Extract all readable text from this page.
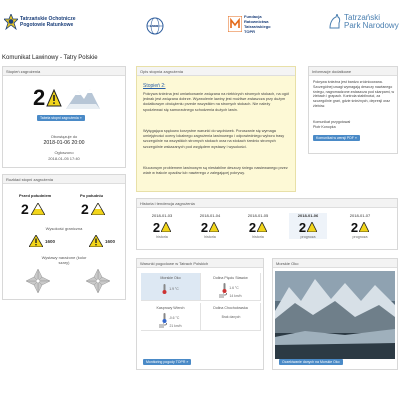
Tatrzańskie Ochotnicze
Pogotowie Ratunkowe	LAWIS
Fundacja
Ratownictwa
Tatrzańskiego
TOPR
Tatrzański
Park Narodowy
Komunikat Lawinowy - Tatry Polskie
Stopień zagrożenia
2
Tabela stopni zagrożenia »
Obowiązuje do
2018-01-06 20:00
Ogłoszono
2018-01-05 17:40
Rozkład stopni zagrożenia
Przed południem	Po południu
2	2
Wysokość graniczna
1600	1600
Wystawy narażone (kolor szary)
Opis stopnia zagrożenia
Stopień 2:
Pokrywa śnieżna jest umiarkowanie związana na niektórych stromych stokach, na ogół jednak jest związana dobrze. Wyzwolenie lawiny jest możliwe zwłaszcza przy dużym dodatkowym obciążeniu przede wszystkim na stromych stokach. Nie należy spodziewać się samorzutnego schodzenia dużych lawin.
Wytęgająca spękowo korzystne warunki do wędrówek. Poruszanie się wymaga umiejętności oceny lokalnego zagrożenia lawinowego i odpowiedniego wyboru trasy szczególnie na wszystkich stromych stokach oraz na stokach średnio stromych szczególnie wskazanych pod względem wystawy i wysokości.
Kluczowym problemem lawinowym są niestabilne deszczy śniegu nawiewanego przez wiatr w trakcie opadów lub nawierego z zalegającej pokrywy.
Informacje dodatkowe
Pokrywa śnieżna jest bardzo zróżnicowana. Szczególnej uwagi wymagają deszczy nawianego śniegu, nagromadzone zwłaszcza pod skarpami, w żlebach i grapach. Kontrola stabilności, za szczególnie grań, gdzie śnieżnych, depresji oraz źlebów.
Komunikat przygotował
Piotr Konopka
Komunikat w wersji PDF »
Historia i tendencja zagrożenia
2018-01-03
2
historia
2018-01-04
2
historia
2018-01-05
2
historia
2018-01-06
2
prognoza
2018-01-07
2
prognoza
Warunki pogodowe w Tatrach Polskich
Morskie Oko
1.9 °C
Dolina Pięciu Stawów
1.6 °C
14 km/h
Kasprowy Wierch
-0.6 °C
21 km/h
Dolina Chochołowska
Brak danych
Monitoring pogody TOPR »
Morskie Oko
Oczekiwanie danych na Morskie Oko
